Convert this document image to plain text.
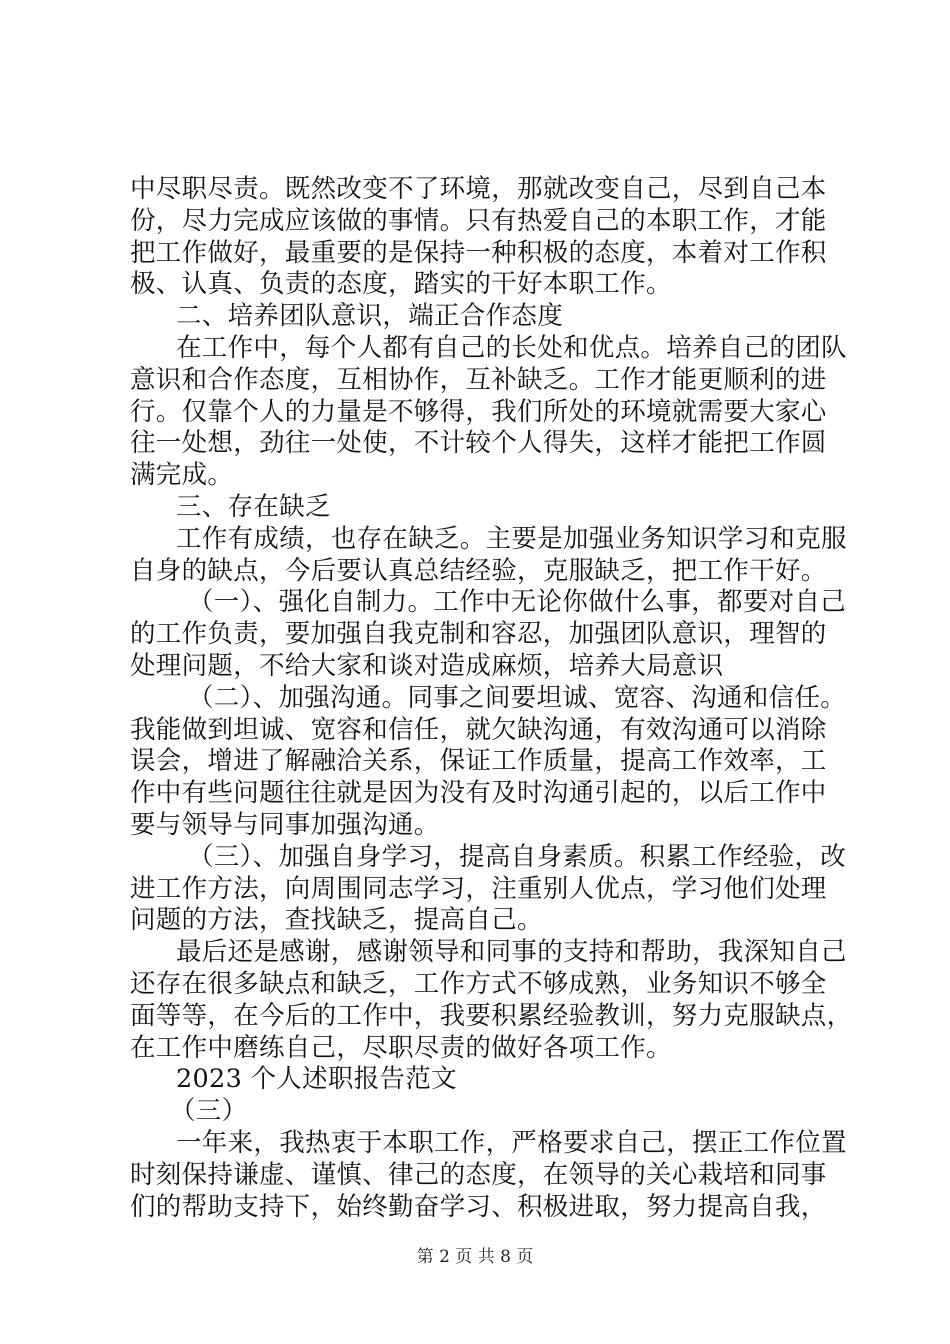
中尽职尽责。既然改变不了环境，那就改变自己，尽到自己本
份，尽力完成应该做的事情。只有热爱自己的本职工作，才能
把工作做好，最重要的是保持一种积极的态度，本着对工作积
极、认真、负责的态度，踏实的干好本职工作。
二、培养团队意识，端正合作态度
在工作中，每个人都有自己的长处和优点。培养自己的团队
意识和合作态度，互相协作，互补缺乏。工作才能更顺利的进
行。仅靠个人的力量是不够得，我们所处的环境就需要大家心
往一处想，劲往一处使，不计较个人得失，这样才能把工作圆
满完成。
三、存在缺乏
工作有成绩，也存在缺乏。主要是加强业务知识学习和克服
自身的缺点，今后要认真总结经验，克服缺乏，把工作干好。
（一）、强化自制力。工作中无论你做什么事，都要对自己
的工作负责，要加强自我克制和容忍，加强团队意识，理智的
处理问题，不给大家和谈对造成麻烦，培养大局意识
（二）、加强沟通。同事之间要坦诚、宽容、沟通和信任。
我能做到坦诚、宽容和信任，就欠缺沟通，有效沟通可以消除
误会，增进了解融洽关系，保证工作质量，提高工作效率，工
作中有些问题往往就是因为没有及时沟通引起的，以后工作中
要与领导与同事加强沟通。
（三）、加强自身学习，提高自身素质。积累工作经验，改
进工作方法，向周围同志学习，注重别人优点，学习他们处理
问题的方法，查找缺乏，提高自己。
最后还是感谢，感谢领导和同事的支持和帮助，我深知自己
还存在很多缺点和缺乏，工作方式不够成熟，业务知识不够全
面等等，在今后的工作中，我要积累经验教训，努力克服缺点，
在工作中磨练自己，尽职尽责的做好各项工作。
2023 个人述职报告范文
（三）
一年来，我热衷于本职工作，严格要求自己，摆正工作位置
时刻保持谦虚、谨慎、律己的态度，在领导的关心栽培和同事
们的帮助支持下，始终勤奋学习、积极进取，努力提高自我，
第 2 页 共 8 页
